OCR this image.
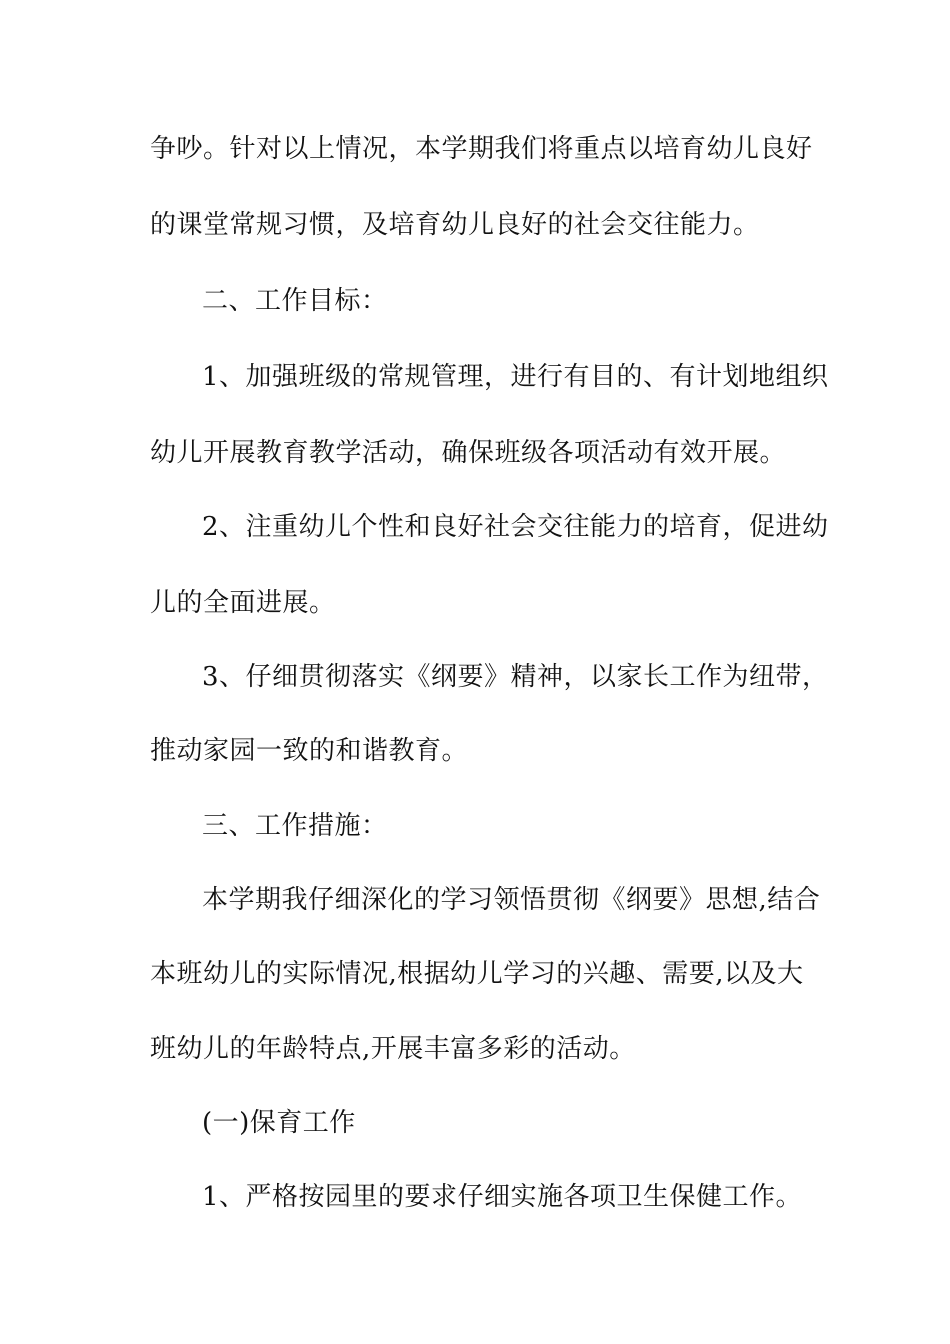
争吵。针对以上情况，本学期我们将重点以培育幼儿良好
的课堂常规习惯，及培育幼儿良好的社会交往能力。
二、工作目标：
1、加强班级的常规管理，进行有目的、有计划地组织
幼儿开展教育教学活动，确保班级各项活动有效开展。
2、注重幼儿个性和良好社会交往能力的培育，促进幼
儿的全面进展。
3、仔细贯彻落实《纲要》精神，以家长工作为纽带，
推动家园一致的和谐教育。
三、工作措施：
本学期我仔细深化的学习领悟贯彻《纲要》思想,结合
本班幼儿的实际情况,根据幼儿学习的兴趣、需要,以及大
班幼儿的年龄特点,开展丰富多彩的活动。
(一)保育工作
1、严格按园里的要求仔细实施各项卫生保健工作。
